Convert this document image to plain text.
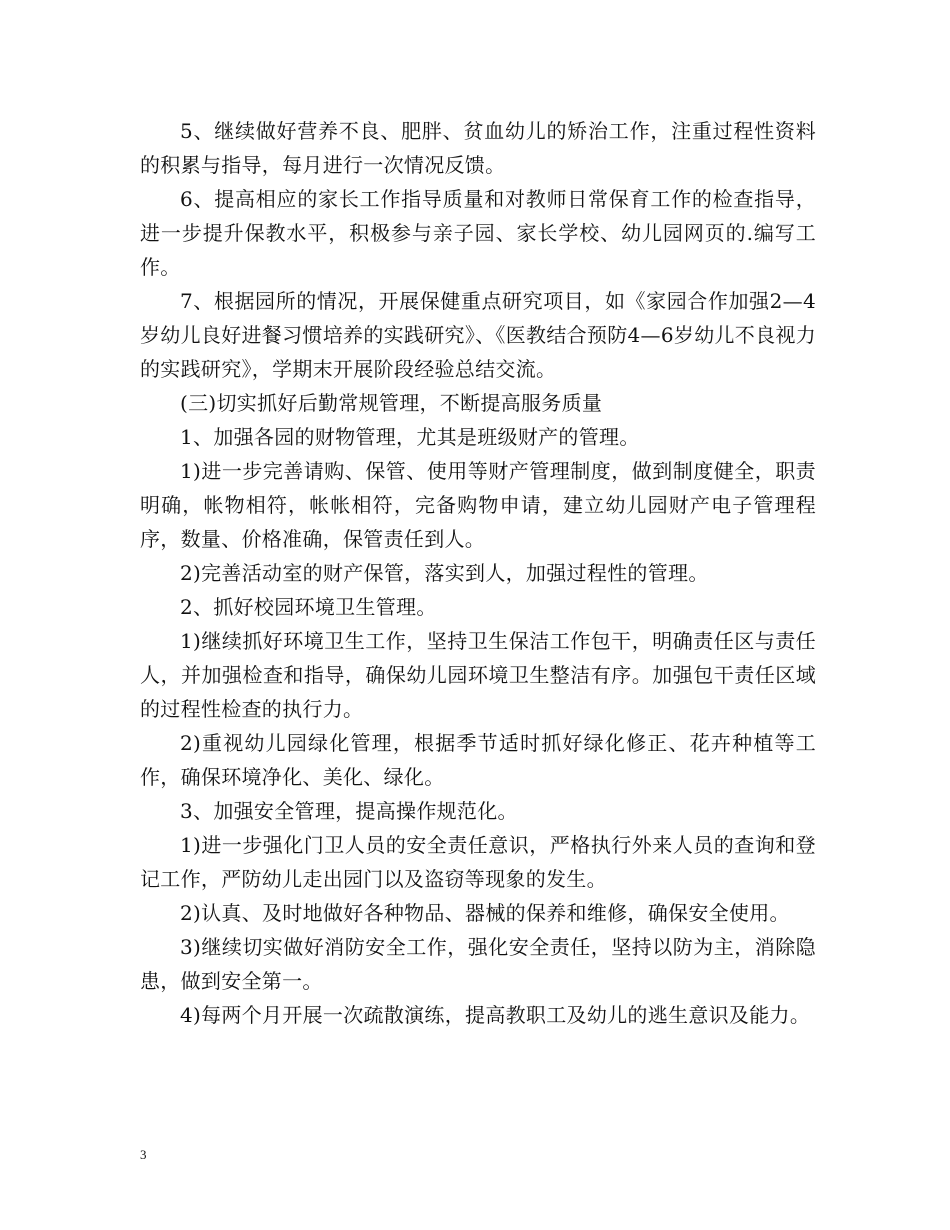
5、继续做好营养不良、肥胖、贫血幼儿的矫治工作，注重过程性资料的积累与指导，每月进行一次情况反馈。

6、提高相应的家长工作指导质量和对教师日常保育工作的检查指导，进一步提升保教水平，积极参与亲子园、家长学校、幼儿园网页的.编写工作。

7、根据园所的情况，开展保健重点研究项目，如《家园合作加强2—4岁幼儿良好进餐习惯培养的实践研究》、《医教结合预防4—6岁幼儿不良视力的实践研究》，学期末开展阶段经验总结交流。

(三)切实抓好后勤常规管理，不断提高服务质量

1、加强各园的财物管理，尤其是班级财产的管理。

1)进一步完善请购、保管、使用等财产管理制度，做到制度健全，职责明确，帐物相符，帐帐相符，完备购物申请，建立幼儿园财产电子管理程序，数量、价格准确，保管责任到人。

2)完善活动室的财产保管，落实到人，加强过程性的管理。

2、抓好校园环境卫生管理。

1)继续抓好环境卫生工作，坚持卫生保洁工作包干，明确责任区与责任人，并加强检查和指导，确保幼儿园环境卫生整洁有序。加强包干责任区域的过程性检查的执行力。

2)重视幼儿园绿化管理，根据季节适时抓好绿化修正、花卉种植等工作，确保环境净化、美化、绿化。

3、加强安全管理，提高操作规范化。

1)进一步强化门卫人员的安全责任意识，严格执行外来人员的查询和登记工作，严防幼儿走出园门以及盗窃等现象的发生。

2)认真、及时地做好各种物品、器械的保养和维修，确保安全使用。

3)继续切实做好消防安全工作，强化安全责任，坚持以防为主，消除隐患，做到安全第一。

4)每两个月开展一次疏散演练，提高教职工及幼儿的逃生意识及能力。

3
